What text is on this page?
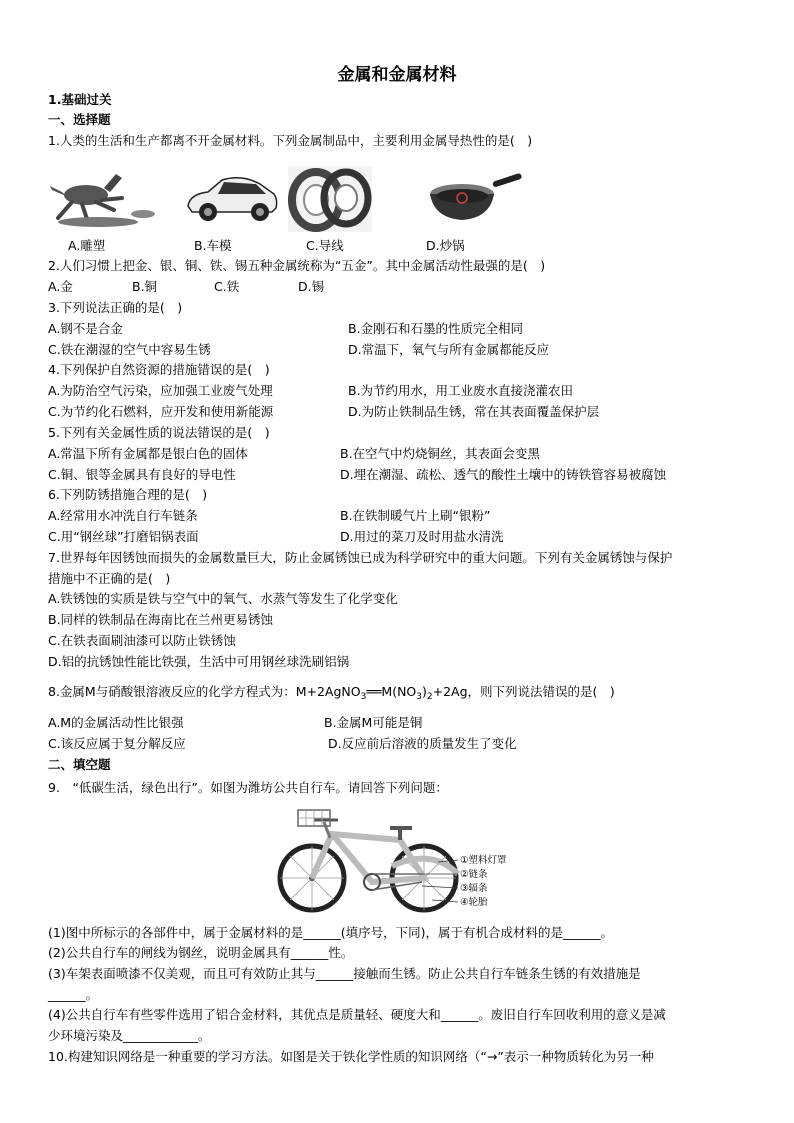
金属和金属材料
1.基础过关
一、选择题
1.人类的生活和生产都离不开金属材料。下列金属制品中，主要利用金属导热性的是(　)
A.雕塑	B.车模	C.导线	D.炒锅
2.人们习惯上把金、银、铜、铁、锡五种金属统称为“五金”。其中金属活动性最强的是(　)
A.金	B.铜	C.铁	D.锡
3.下列说法正确的是(　)
A.钢不是合金	B.金刚石和石墨的性质完全相同
C.铁在潮湿的空气中容易生锈	D.常温下，氧气与所有金属都能反应
4.下列保护自然资源的措施错误的是(　)
A.为防治空气污染，应加强工业废气处理	B.为节约用水，用工业废水直接浇灌农田
C.为节约化石燃料，应开发和使用新能源	D.为防止铁制品生锈，常在其表面覆盖保护层
5.下列有关金属性质的说法错误的是(　)
A.常温下所有金属都是银白色的固体	B.在空气中灼烧铜丝，其表面会变黑
C.铜、银等金属具有良好的导电性	D.埋在潮湿、疏松、透气的酸性土壤中的铸铁管容易被腐蚀
6.下列防锈措施合理的是(　)
A.经常用水冲洗自行车链条	B.在铁制暖气片上刷“银粉”
C.用“钢丝球”打磨铝锅表面	D.用过的菜刀及时用盐水清洗
7.世界每年因锈蚀而损失的金属数量巨大，防止金属锈蚀已成为科学研究中的重大问题。下列有关金属锈蚀与保护
措施中不正确的是(　)
A.铁锈蚀的实质是铁与空气中的氧气、水蒸气等发生了化学变化
B.同样的铁制品在海南比在兰州更易锈蚀
C.在铁表面刷油漆可以防止铁锈蚀
D.铝的抗锈蚀性能比铁强，生活中可用钢丝球洗刷铝锅
8.金属M与硝酸银溶液反应的化学方程式为：$M+2AgNO_3══M(NO_3)_2+2Ag$，则下列说法错误的是(　)
A.M的金属活动性比银强	B.金属M可能是铜
C.该反应属于复分解反应	D.反应前后溶液的质量发生了变化
二、填空题
9.　“低碳生活，绿色出行”。如图为潍坊公共自行车。请回答下列问题：
①塑料灯罩
②链条
③辐条
④轮胎
(1)图中所标示的各部件中，属于金属材料的是______(填序号，下同)，属于有机合成材料的是______。
(2)公共自行车的闸线为钢丝，说明金属具有______性。
(3)车架表面喷漆不仅美观，而且可有效防止其与______接触而生锈。防止公共自行车链条生锈的有效措施是
______。
(4)公共自行车有些零件选用了铝合金材料，其优点是质量轻、硬度大和______。废旧自行车回收利用的意义是减
少环境污染及____________。
10.构建知识网络是一种重要的学习方法。如图是关于铁化学性质的知识网络（“→”表示一种物质转化为另一种
